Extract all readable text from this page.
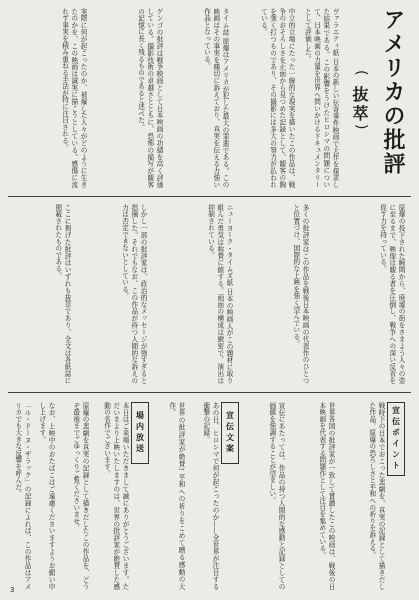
アメリカの批評
(
抜萃
)
ヴァラエティ紙 日本の新しい伝奇事件映画で大作を探求した結果である。この影響をうけたヒロシマの問題について、日本映画の力量を世界へ問いかけるドキュメンタリーとして評価した。
中立的立場にたった一線的な現実を描いたこの作品は、戦争のおそろしさを正面から見つめた記録として、観客の胸を強く打つものであり、その撮影には多大の努力が払われている。
タイム誌 原爆はアメリカが犯した最大の罪悪である。この映画はその事実を痛切に訴えており、真実を伝える力強い作品となっている。
ゲンゴの批評は戦争映画として日本映画の功績を高く評価している。撮影技術の卓越さとともに、恐怖の描写が観客の記憶に長く残るものであると述べた。
実際に何が起こったのか、被爆した人々がどのように生きたのかを、この映画は誠実に描こうとしている。感傷に流れず事実を積み重ねる手法が特に注目される。
原爆の投下された瞬間から、廃墟の街をさまよう人々の姿に至るまで、映像は観る者を圧倒し、戦争への深い反省を促す力を持っている。
多くの批評家はこの作品を戦後日本映画の代表作のひとつと位置づけ、国際的な上映を強く望んでいる。
ニューヨーク・タイムズ紙 日本の映画人がこの題材に取り組んだ勇気は称賛に値する。画面の構成は緻密で、演出は抑制されている。
しかし一部の批評家は、政治的なメッセージが強すぎると指摘した。それでもなお、この作品が持つ人間的な訴えの力は否定できないとしている。
ここに掲げた批評はいずれも抜萃であり、全文は各紙誌に掲載されたものである。
宣伝ポイント
戦時下の日本でおこった悲劇を、真実の記録として描きだした作品。原爆の恐ろしさと平和への祈りを訴える。
世界各国の批評家が一致して賞讃したこの映画は、戦後の日本映画を代表する問題作として注目を集めている。
宣伝にあたっては、作品の持つ人間的な感動と記録としての価値を強調することが望ましい。
宣伝文案
あの日、ヒロシマで何が起こったのか――全世界が注目する衝撃の記録。
世界の批評家が絶賛! 平和への祈りをこめて贈る感動の大作。
場内放送
本日はご来場いただきまして誠にありがとうございます。ただいまより上映いたしますのは、世界の批評家が絶賛した感動の名作でございます。
原爆の悲劇を真実の記録として描きだしたこの作品を、どうぞ最後までごゆっくりご覧くださいませ。
なお、上映中のおたばこはご遠慮くださいますようお願い申し上げます。
「ル・ドーヌ・ザラック」の記録によれば、この作品はアメリカでも大きな反響を呼んだ。
3
